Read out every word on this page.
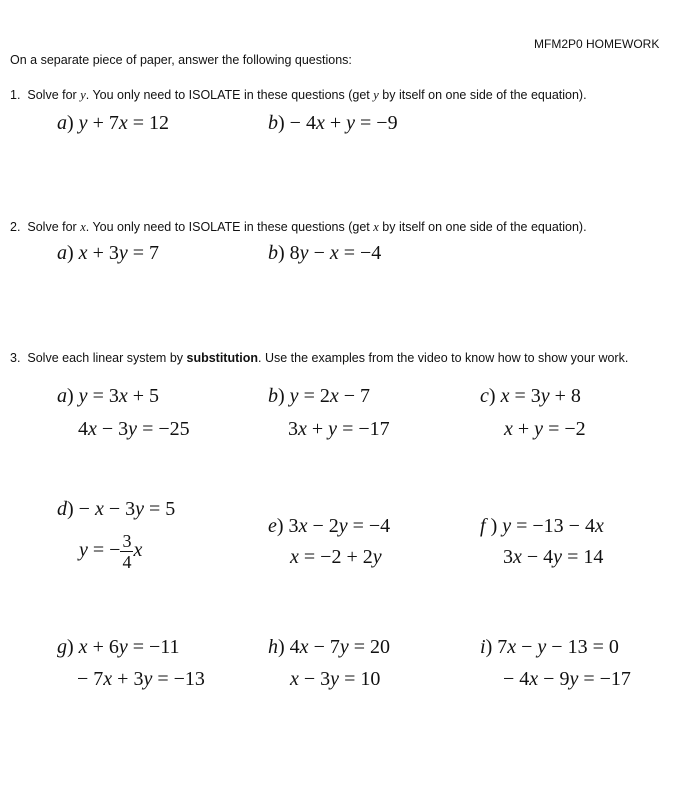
MFM2P0 HOMEWORK
On a separate piece of paper, answer the following questions:
1. Solve for y. You only need to ISOLATE in these questions (get y by itself on one side of the equation).
a) y + 7x = 12	b) − 4x + y = −9
2. Solve for x. You only need to ISOLATE in these questions (get x by itself on one side of the equation).
a) x + 3y = 7	b) 8y − x = −4
3. Solve each linear system by substitution. Use the examples from the video to know how to show your work.
a) y = 3x + 5
4x − 3y = −25
b) y = 2x − 7
3x + y = −17
c) x = 3y + 8
x + y = −2
d) − x − 3y = 5
y = − $\frac{3}{4}$ x
e) 3x − 2y = −4
x = −2 + 2y
f ) y = −13 − 4x
3x − 4y = 14
g) x + 6y = −11
− 7x + 3y = −13
h) 4x − 7y = 20
x − 3y = 10
i) 7x − y − 13 = 0
− 4x − 9y = −17
